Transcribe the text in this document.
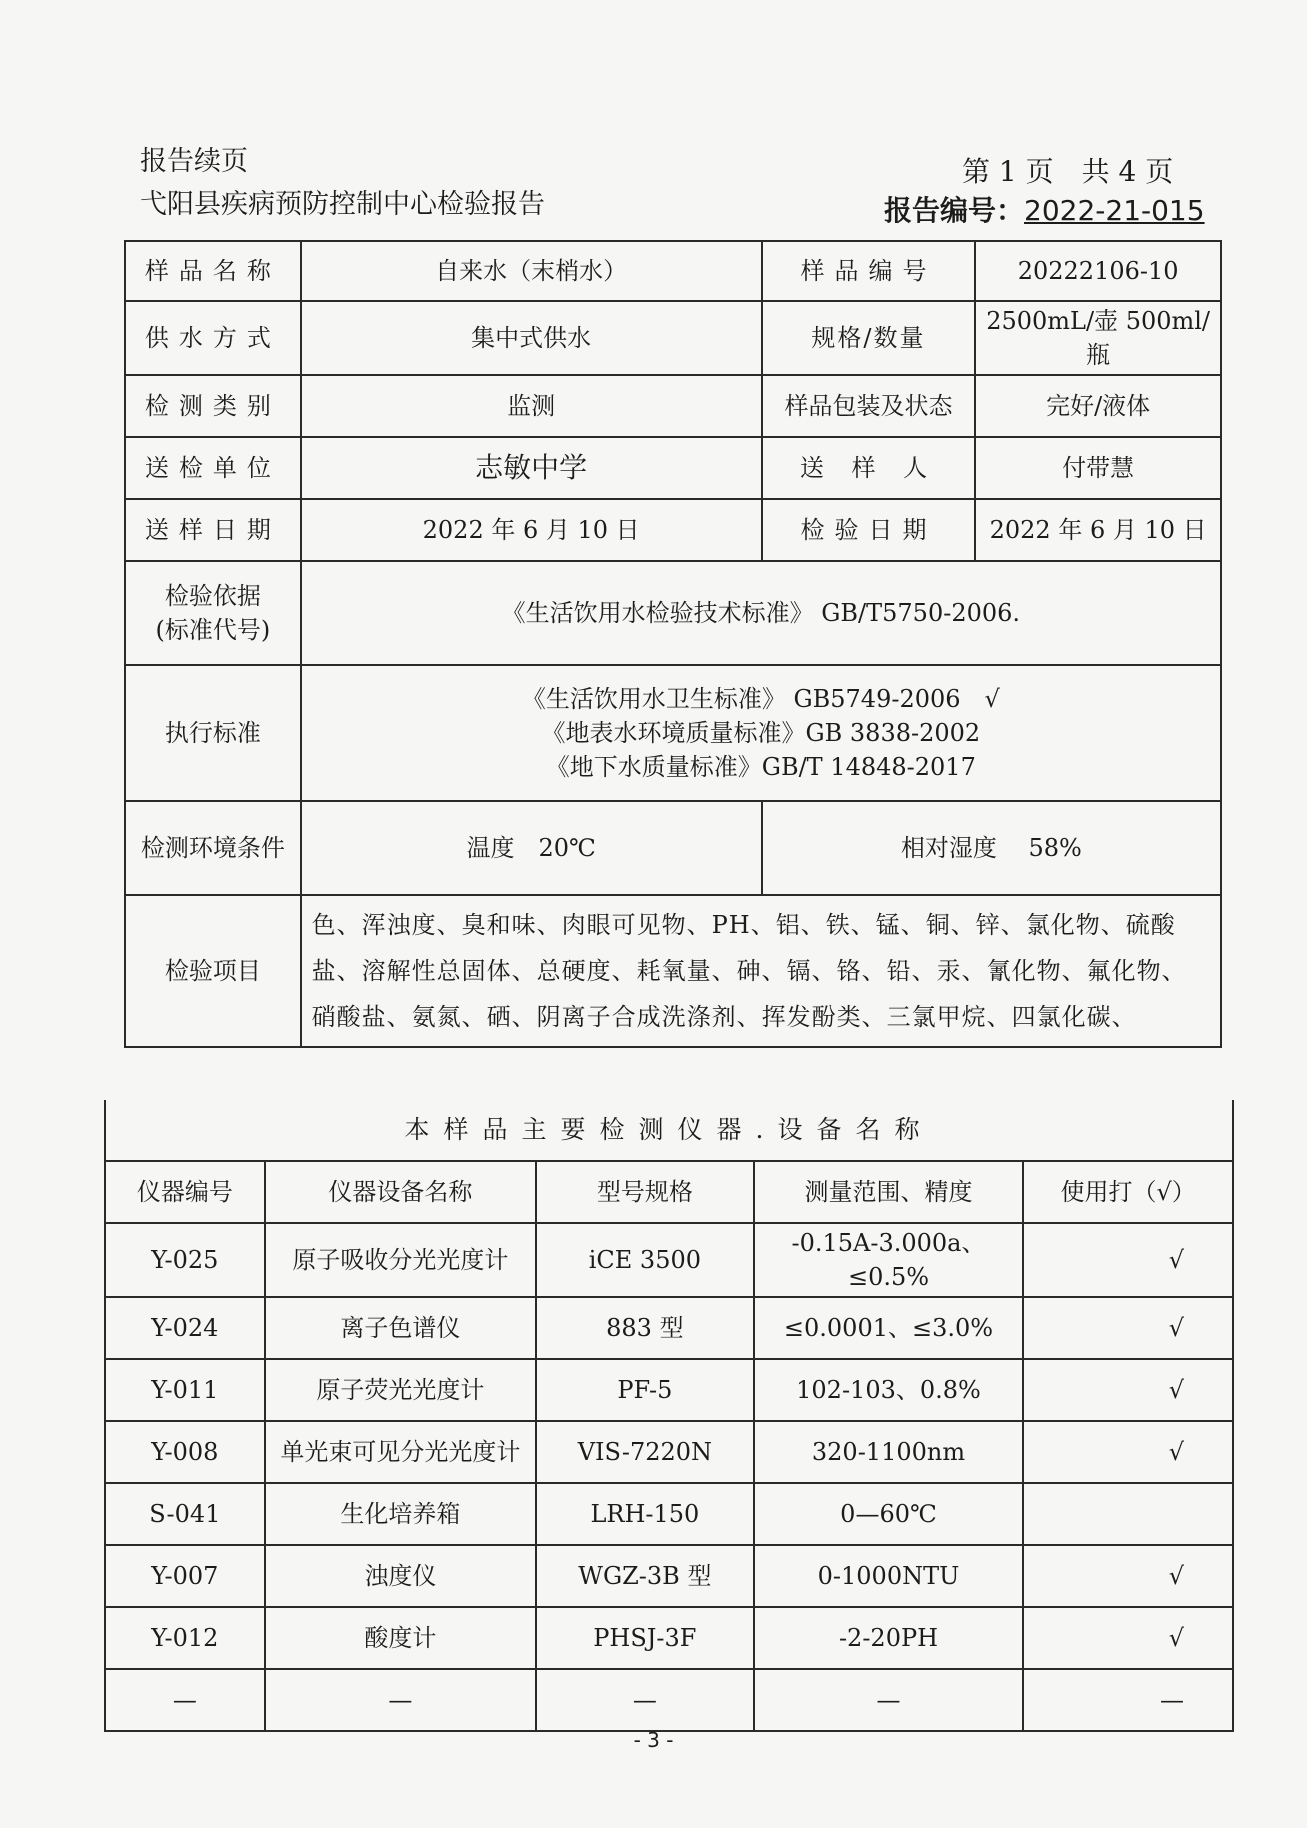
报告续页
弋阳县疾病预防控制中心检验报告
第 1 页　共 4 页
报告编号：2022-21-015
样品名称	自来水（末梢水）	样品编号	20222106-10
供水方式	集中式供水	规格/数量	2500mL/壶 500ml/瓶
检测类别	监测	样品包装及状态	完好/液体
送检单位	志敏中学	送 样 人	付带慧
送样日期	2022 年 6 月 10 日	检验日期	2022 年 6 月 10 日

检验依据
(标准代号)	《生活饮用水检验技术标准》 GB/T5750-2006.		
执行标准	《生活饮用水卫生标准》 GB5749-2006　√
《地表水环境质量标准》GB 3838-2002
《地下水质量标准》GB/T 14848-2017		

检测环境条件	温度　20℃	相对湿度　 58%	
检验项目	色、浑浊度、臭和味、肉眼可见物、PH、铝、铁、锰、铜、锌、氯化物、硫酸盐、溶解性总固体、总硬度、耗氧量、砷、镉、铬、铅、汞、氰化物、氟化物、硝酸盐、氨氮、硒、阴离子合成洗涤剂、挥发酚类、三氯甲烷、四氯化碳、		
本样品主要检测仪器.设备名称				
仪器编号	仪器设备名称	型号规格	测量范围、精度	使用打（√）
Y-025	原子吸收分光光度计	iCE 3500	-0.15A-3.000a、≤0.5%	√
Y-024	离子色谱仪	883 型	≤0.0001、≤3.0%	√
Y-011	原子荧光光度计	PF-5	102-103、0.8%	√
Y-008	单光束可见分光光度计	VIS-7220N	320-1100nm	√
S-041	生化培养箱	LRH-150	0—60℃	
Y-007	浊度仪	WGZ-3B 型	0-1000NTU	√
Y-012	酸度计	PHSJ-3F	-2-20PH	√
—	—	—	—	—
- 3 -
